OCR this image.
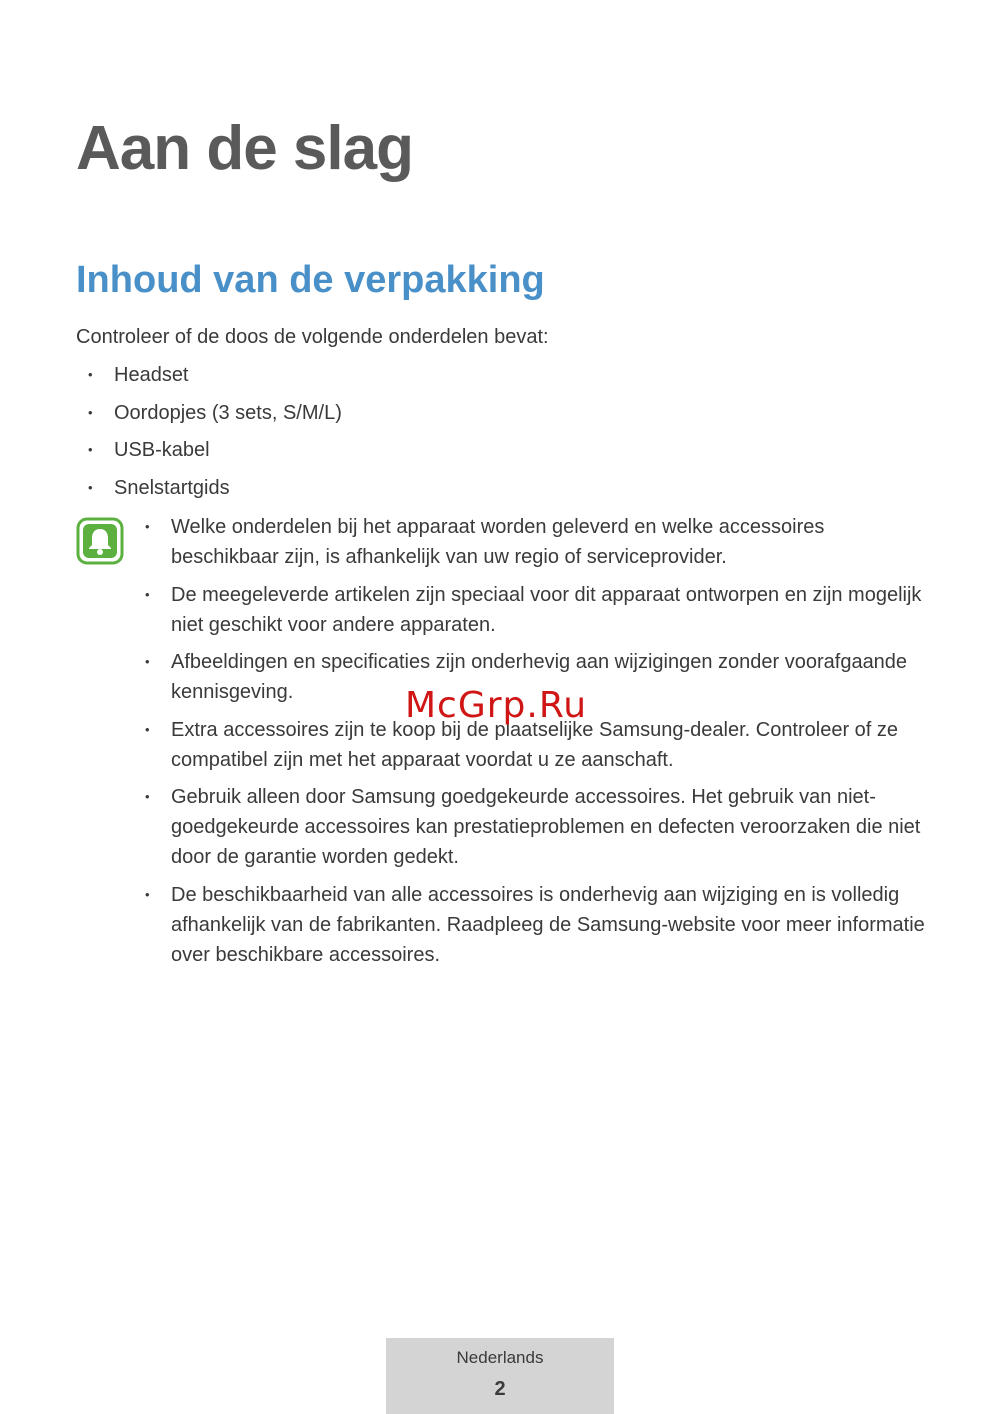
Aan de slag
Inhoud van de verpakking

Controleer of de doos de volgende onderdelen bevat:

• Headset
• Oordopjes (3 sets, S/M/L)
• USB-kabel
• Snelstartgids
• Welke onderdelen bij het apparaat worden geleverd en welke accessoires beschikbaar zijn, is afhankelijk van uw regio of serviceprovider.
• De meegeleverde artikelen zijn speciaal voor dit apparaat ontworpen en zijn mogelijk niet geschikt voor andere apparaten.
• Afbeeldingen en specificaties zijn onderhevig aan wijzigingen zonder voorafgaande kennisgeving.
• Extra accessoires zijn te koop bij de plaatselijke Samsung-dealer. Controleer of ze compatibel zijn met het apparaat voordat u ze aanschaft.
• Gebruik alleen door Samsung goedgekeurde accessoires. Het gebruik van niet-goedgekeurde accessoires kan prestatieproblemen en defecten veroorzaken die niet door de garantie worden gedekt.
• De beschikbaarheid van alle accessoires is onderhevig aan wijziging en is volledig afhankelijk van de fabrikanten. Raadpleeg de Samsung-website voor meer informatie over beschikbare accessoires.
McGrp.Ru
Nederlands
2
